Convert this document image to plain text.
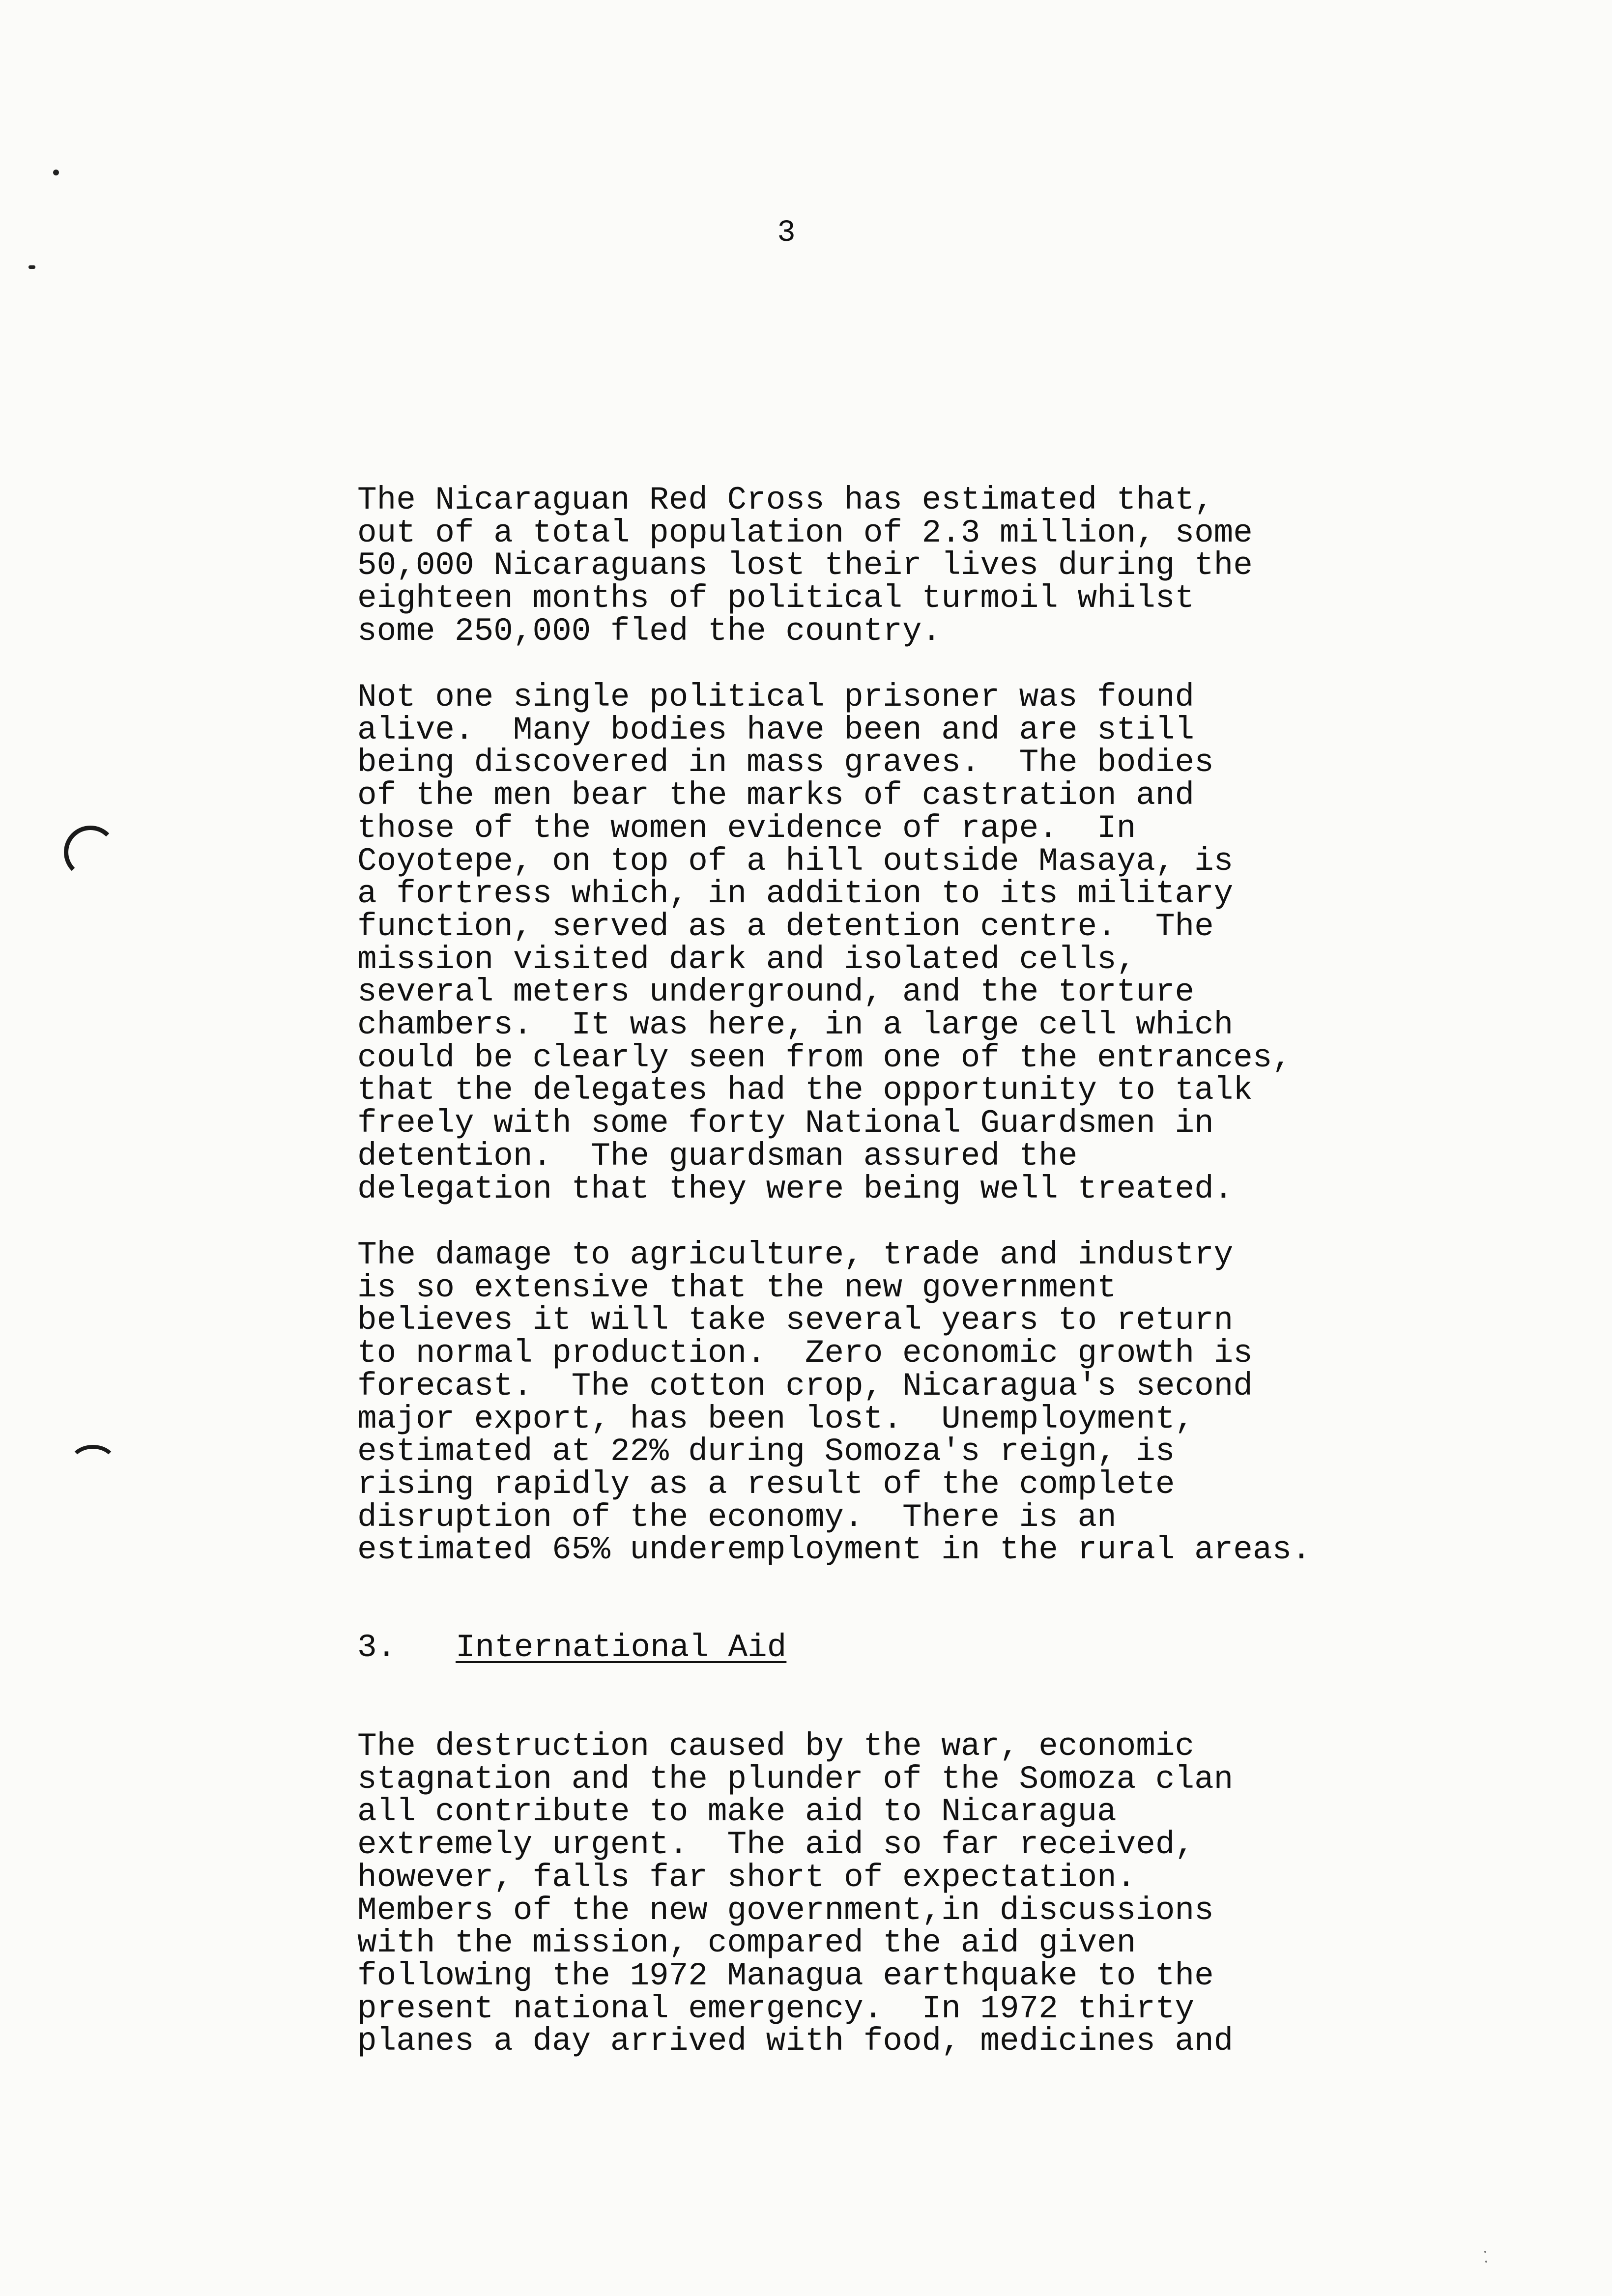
3

The Nicaraguan Red Cross has estimated that,
out of a total population of 2.3 million, some
50,000 Nicaraguans lost their lives during the
eighteen months of political turmoil whilst
some 250,000 fled the country.

Not one single political prisoner was found
alive.  Many bodies have been and are still
being discovered in mass graves.  The bodies
of the men bear the marks of castration and
those of the women evidence of rape.  In
Coyotepe, on top of a hill outside Masaya, is
a fortress which, in addition to its military
function, served as a detention centre.  The
mission visited dark and isolated cells,
several meters underground, and the torture
chambers.  It was here, in a large cell which
could be clearly seen from one of the entrances,
that the delegates had the opportunity to talk
freely with some forty National Guardsmen in
detention.  The guardsman assured the
delegation that they were being well treated.

The damage to agriculture, trade and industry
is so extensive that the new government
believes it will take several years to return
to normal production.  Zero economic growth is
forecast.  The cotton crop, Nicaragua's second
major export, has been lost.  Unemployment,
estimated at 22% during Somoza's reign, is
rising rapidly as a result of the complete
disruption of the economy.  There is an
estimated 65% underemployment in the rural areas.

3. International Aid

The destruction caused by the war, economic
stagnation and the plunder of the Somoza clan
all contribute to make aid to Nicaragua
extremely urgent.  The aid so far received,
however, falls far short of expectation.
Members of the new government,in discussions
with the mission, compared the aid given
following the 1972 Managua earthquake to the
present national emergency.  In 1972 thirty
planes a day arrived with food, medicines and
